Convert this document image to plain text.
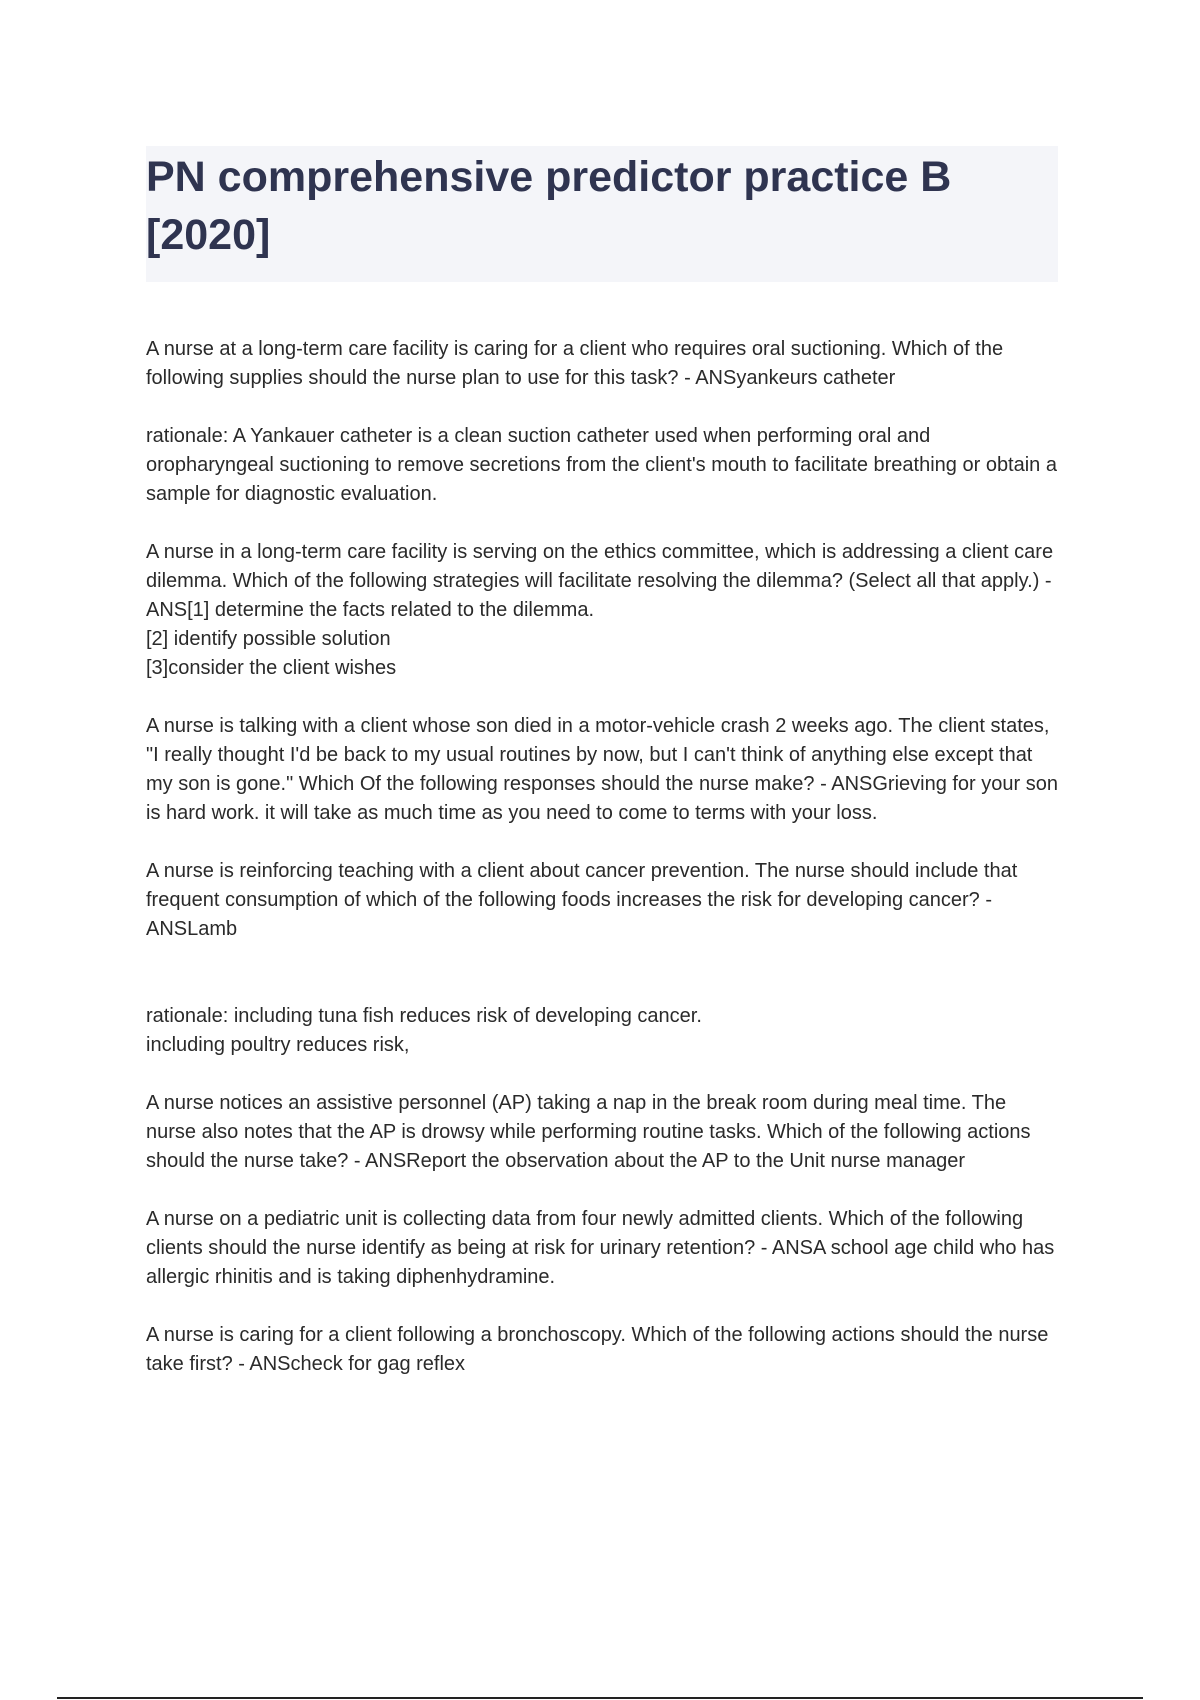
PN comprehensive predictor practice B
[2020]

A nurse at a long-term care facility is caring for a client who requires oral suctioning. Which of the following supplies should the nurse plan to use for this task? - ANSyankeurs catheter

rationale: A Yankauer catheter is a clean suction catheter used when performing oral and oropharyngeal suctioning to remove secretions from the client's mouth to facilitate breathing or obtain a sample for diagnostic evaluation.

A nurse in a long-term care facility is serving on the ethics committee, which is addressing a client care dilemma. Which of the following strategies will facilitate resolving the dilemma? (Select all that apply.) - ANS[1] determine the facts related to the dilemma.
[2] identify possible solution
[3]consider the client wishes

A nurse is talking with a client whose son died in a motor-vehicle crash 2 weeks ago. The client states, "I really thought I'd be back to my usual routines by now, but I can't think of anything else except that my son is gone." Which Of the following responses should the nurse make? - ANSGrieving for your son is hard work. it will take as much time as you need to come to terms with your loss.

A nurse is reinforcing teaching with a client about cancer prevention. The nurse should include that frequent consumption of which of the following foods increases the risk for developing cancer? - ANSLamb

rationale: including tuna fish reduces risk of developing cancer.
including poultry reduces risk,

A nurse notices an assistive personnel (AP) taking a nap in the break room during meal time. The nurse also notes that the AP is drowsy while performing routine tasks. Which of the following actions should the nurse take? - ANSReport the observation about the AP to the Unit nurse manager

A nurse on a pediatric unit is collecting data from four newly admitted clients. Which of the following clients should the nurse identify as being at risk for urinary retention? - ANSA school age child who has allergic rhinitis and is taking diphenhydramine.

A nurse is caring for a client following a bronchoscopy. Which of the following actions should the nurse take first? - ANScheck for gag reflex
